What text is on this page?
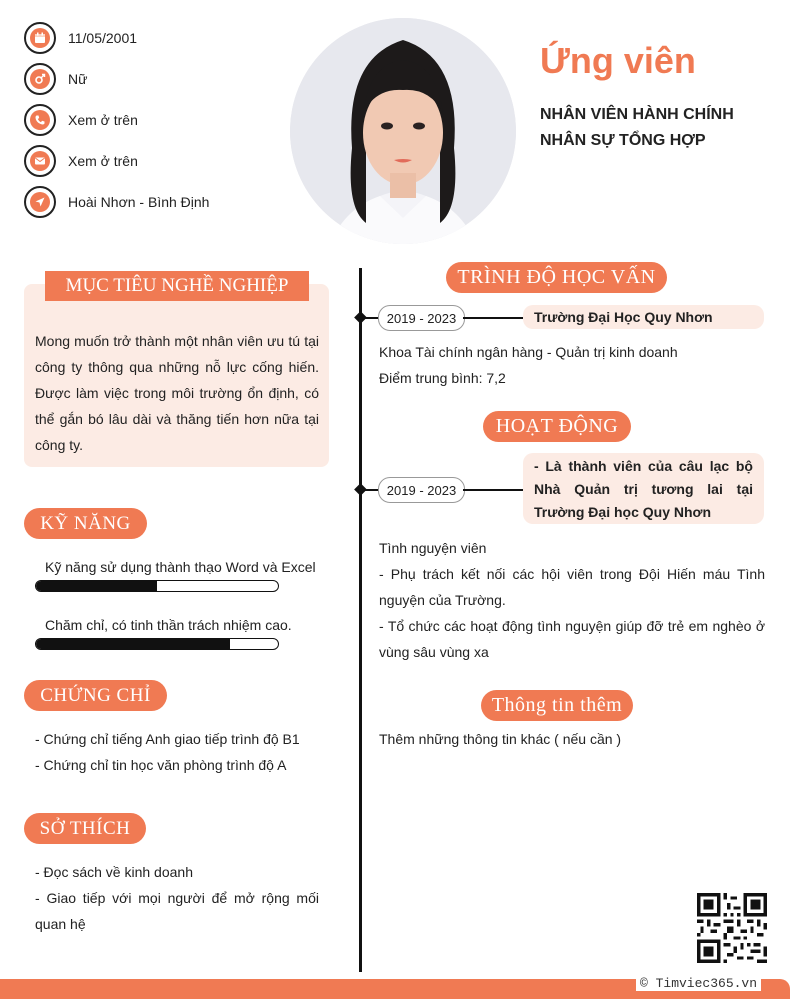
11/05/2001
Nữ
Xem ở trên
Xem ở trên
Hoài Nhơn - Bình Định
Ứng viên
NHÂN VIÊN HÀNH CHÍNH
NHÂN SỰ TỔNG HỢP
MỤC TIÊU NGHỀ NGHIỆP
Mong muốn trở thành một nhân viên ưu tú tại công ty thông qua những nỗ lực cống hiến. Được làm việc trong môi trường ổn định, có thể gắn bó lâu dài và thăng tiến hơn nữa tại công ty.
KỸ NĂNG
Kỹ năng sử dụng thành thạo Word và Excel
Chăm chỉ, có tinh thần trách nhiệm cao.
CHỨNG CHỈ
- Chứng chỉ tiếng Anh giao tiếp trình độ B1
- Chứng chỉ tin học văn phòng trình độ A
SỞ THÍCH
- Đọc sách về kinh doanh
- Giao tiếp với mọi người để mở rộng mối quan hệ
TRÌNH ĐỘ HỌC VẤN
2019 - 2023	Trường Đại Học Quy Nhơn
Khoa Tài chính ngân hàng - Quản trị kinh doanh
Điểm trung bình: 7,2
HOẠT ĐỘNG
2019 - 2023
- Là thành viên của câu lạc bộ Nhà Quản trị tương lai tại Trường Đại học Quy Nhơn
Tình nguyện viên
- Phụ trách kết nối các hội viên trong Đội Hiến máu Tình nguyện của Trường.
- Tổ chức các hoạt động tình nguyện giúp đỡ trẻ em nghèo ở vùng sâu vùng xa
Thông tin thêm
Thêm những thông tin khác ( nếu cần )
© Timviec365.vn
